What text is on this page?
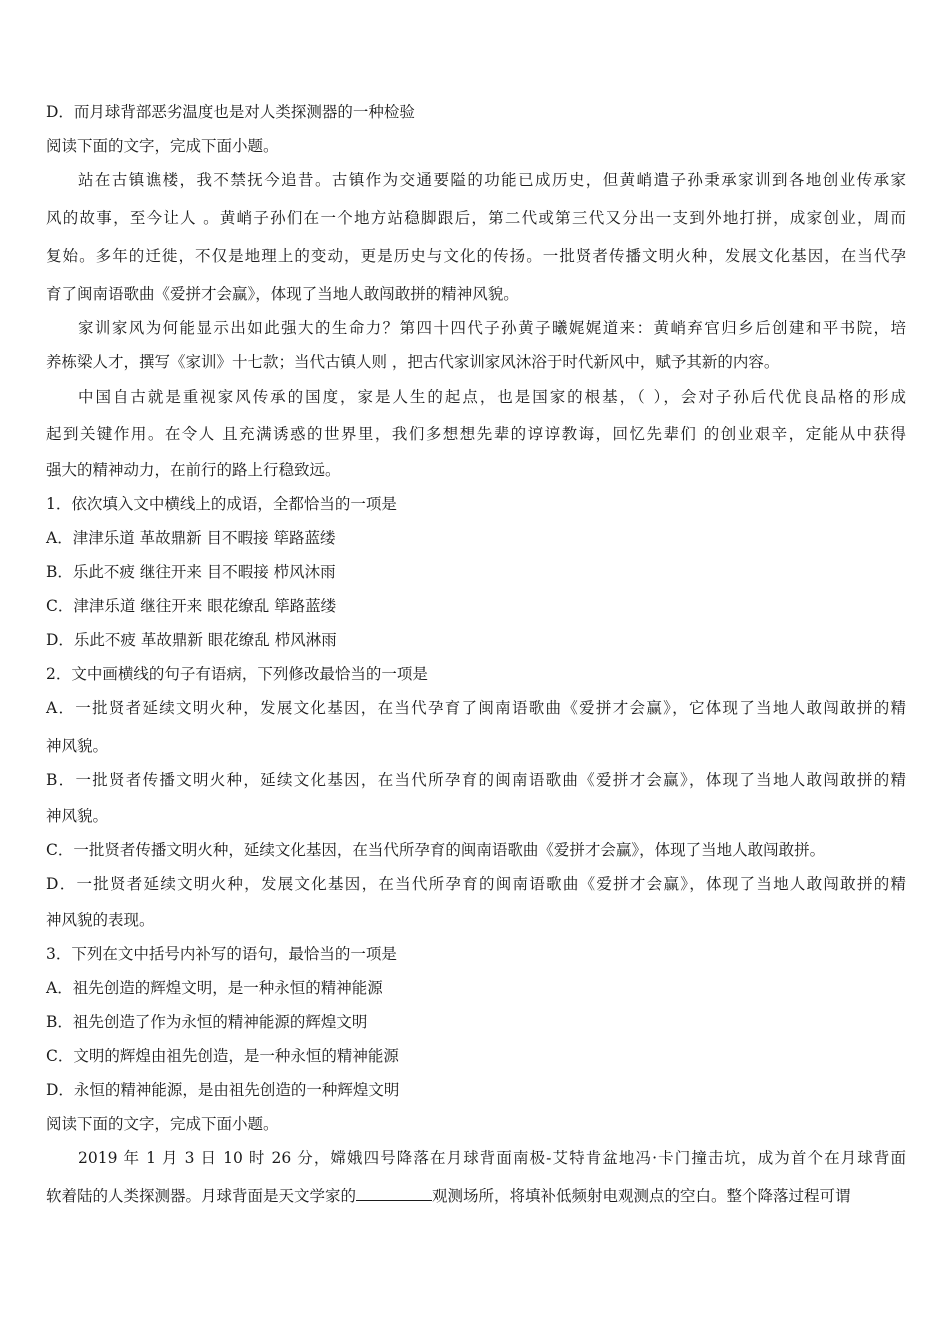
D．而月球背部恶劣温度也是对人类探测器的一种检验

阅读下面的文字，完成下面小题。

站在古镇谯楼，我不禁抚今追昔。古镇作为交通要隘的功能已成历史，但黄峭遣子孙秉承家训到各地创业传承家

风的故事，至今让人 。黄峭子孙们在一个地方站稳脚跟后，第二代或第三代又分出一支到外地打拼，成家创业，周而

复始。多年的迁徙，不仅是地理上的变动，更是历史与文化的传扬。一批贤者传播文明火种，发展文化基因，在当代孕

育了闽南语歌曲《爱拼才会赢》，体现了当地人敢闯敢拼的精神风貌。

家训家风为何能显示出如此强大的生命力？第四十四代子孙黄子曦娓娓道来：黄峭弃官归乡后创建和平书院，培

养栋梁人才，撰写《家训》十七款；当代古镇人则 ，把古代家训家风沐浴于时代新风中，赋予其新的内容。

中国自古就是重视家风传承的国度，家是人生的起点，也是国家的根基，（ ），会对子孙后代优良品格的形成

起到关键作用。在令人 且充满诱惑的世界里，我们多想想先辈的谆谆教诲，回忆先辈们 的创业艰辛，定能从中获得

强大的精神动力，在前行的路上行稳致远。

1．依次填入文中横线上的成语，全都恰当的一项是

A．津津乐道 革故鼎新 目不暇接 筚路蓝缕

B．乐此不疲 继往开来 目不暇接 栉风沐雨

C．津津乐道 继往开来 眼花缭乱 筚路蓝缕

D．乐此不疲 革故鼎新 眼花缭乱 栉风淋雨

2．文中画横线的句子有语病，下列修改最恰当的一项是

A．一批贤者延续文明火种，发展文化基因，在当代孕育了闽南语歌曲《爱拼才会赢》，它体现了当地人敢闯敢拼的精

神风貌。

B．一批贤者传播文明火种，延续文化基因，在当代所孕育的闽南语歌曲《爱拼才会赢》，体现了当地人敢闯敢拼的精

神风貌。

C．一批贤者传播文明火种，延续文化基因，在当代所孕育的闽南语歌曲《爱拼才会赢》，体现了当地人敢闯敢拼。

D．一批贤者延续文明火种，发展文化基因，在当代所孕育的闽南语歌曲《爱拼才会赢》，体现了当地人敢闯敢拼的精

神风貌的表现。

3．下列在文中括号内补写的语句，最恰当的一项是

A．祖先创造的辉煌文明，是一种永恒的精神能源

B．祖先创造了作为永恒的精神能源的辉煌文明

C．文明的辉煌由祖先创造，是一种永恒的精神能源

D．永恒的精神能源，是由祖先创造的一种辉煌文明

阅读下面的文字，完成下面小题。

2019 年 1 月 3 日 10 时 26 分，嫦娥四号降落在月球背面南极-艾特肯盆地冯·卡门撞击坑，成为首个在月球背面

软着陆的人类探测器。月球背面是天文学家的	观测场所，将填补低频射电观测点的空白。整个降落过程可谓
